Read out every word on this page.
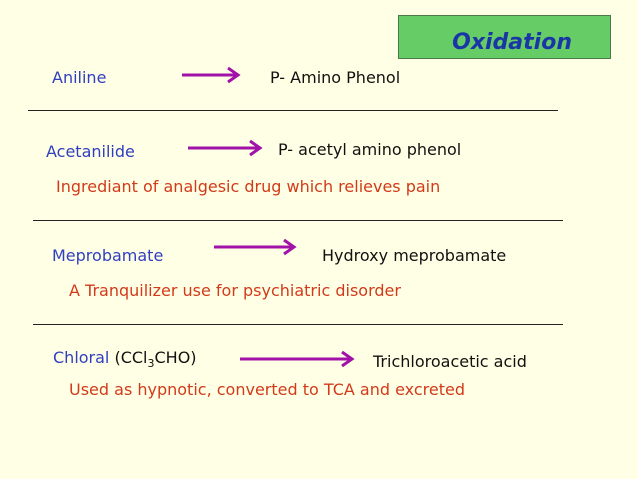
Oxidation
Aniline	P- Amino Phenol
Acetanilide	P- acetyl amino phenol
Ingrediant of analgesic drug which relieves pain
Meprobamate	Hydroxy meprobamate
A Tranquilizer use for psychiatric disorder
Chloral (CCl$_3$CHO)	Trichloroacetic acid
Used as hypnotic, converted to TCA and excreted
